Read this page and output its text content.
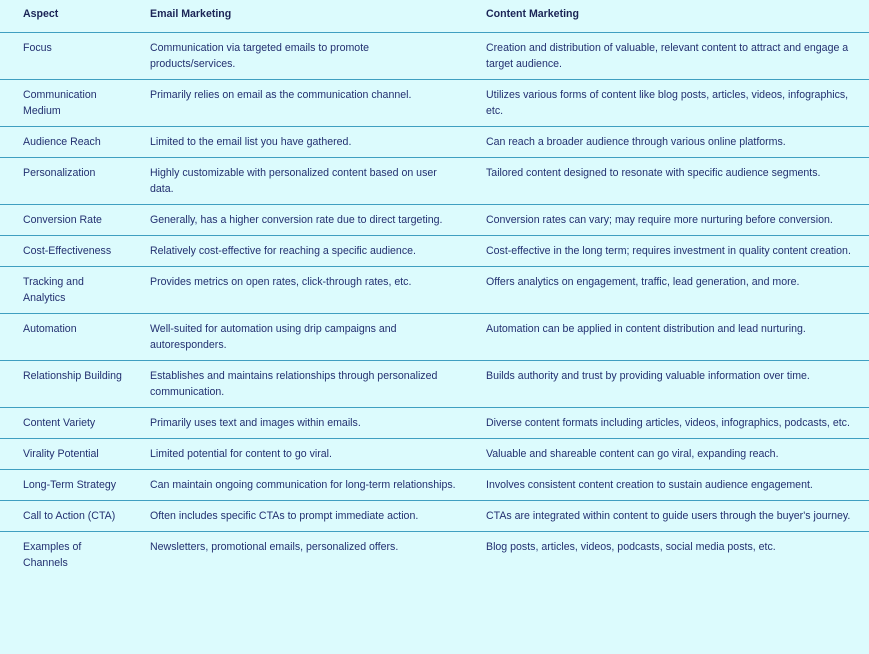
Aspect	Email Marketing	Content Marketing
Focus	Communication via targeted emails to promote products/services.	Creation and distribution of valuable, relevant content to attract and engage a target audience.
Communication Medium	Primarily relies on email as the communication channel.	Utilizes various forms of content like blog posts, articles, videos, infographics, etc.
Audience Reach	Limited to the email list you have gathered.	Can reach a broader audience through various online platforms.
Personalization	Highly customizable with personalized content based on user data.	Tailored content designed to resonate with specific audience segments.
Conversion Rate	Generally, has a higher conversion rate due to direct targeting.	Conversion rates can vary; may require more nurturing before conversion.
Cost-Effectiveness	Relatively cost-effective for reaching a specific audience.	Cost-effective in the long term; requires investment in quality content creation.
Tracking and Analytics	Provides metrics on open rates, click-through rates, etc.	Offers analytics on engagement, traffic, lead generation, and more.
Automation	Well-suited for automation using drip campaigns and autoresponders.	Automation can be applied in content distribution and lead nurturing.
Relationship Building	Establishes and maintains relationships through personalized communication.	Builds authority and trust by providing valuable information over time.
Content Variety	Primarily uses text and images within emails.	Diverse content formats including articles, videos, infographics, podcasts, etc.
Virality Potential	Limited potential for content to go viral.	Valuable and shareable content can go viral, expanding reach.
Long-Term Strategy	Can maintain ongoing communication for long-term relationships.	Involves consistent content creation to sustain audience engagement.
Call to Action (CTA)	Often includes specific CTAs to prompt immediate action.	CTAs are integrated within content to guide users through the buyer's journey.
Examples of Channels	Newsletters, promotional emails, personalized offers.	Blog posts, articles, videos, podcasts, social media posts, etc.
